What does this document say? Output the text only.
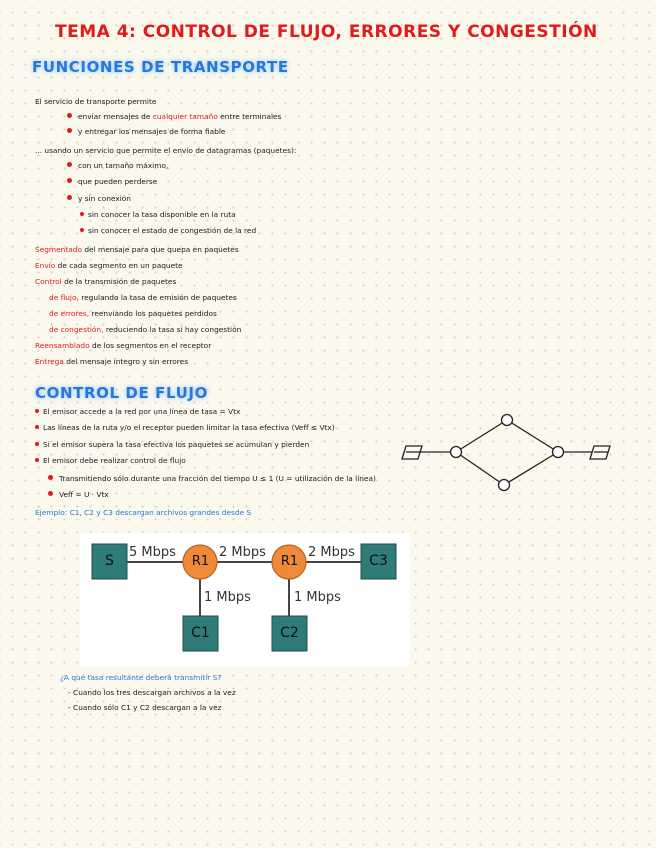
TEMA 4: CONTROL DE FLUJO, ERRORES Y CONGESTIÓN
FUNCIONES DE TRANSPORTE
El servicio de transporte permite
enviar mensajes de cualquier tamaño entre terminales
y entregar los mensajes de forma fiable
... usando un servicio que permite el envío de datagramas (paquetes):
con un tamaño máximo,
que pueden perderse
y sin conexión
sin conocer la tasa disponible en la ruta
sin conocer el estado de congestión de la red
Segmentado del mensaje para que quepa en paquetes
Envío de cada segmento en un paquete
Control de la transmisión de paquetes
de flujo, regulando la tasa de emisión de paquetes
de errores, reenviando los paquetes perdidos
de congestión, reduciendo la tasa si hay congestión
Reensamblado de los segmentos en el receptor
Entrega del mensaje íntegro y sin errores
CONTROL DE FLUJO
El emisor accede a la red por una línea de tasa = Vtx
Las líneas de la ruta y/o el receptor pueden limitar la tasa efectiva (Veff ≤ Vtx)
Si el emisor supera la tasa efectiva los paquetes se acumulan y pierden
El emisor debe realizar control de flujo
Transmitiendo sólo durante una fracción del tiempo U ≤ 1 (U = utilización de la línea)
Veff = U · Vtx
Ejemplo: C1, C2 y C3 descargan archivos grandes desde S
S	R1	R1	C3
C1	C2
5 Mbps	2 Mbps	2 Mbps
1 Mbps	1 Mbps
¿A qué tasa resultante deberá transmitir S?
- Cuando los tres descargan archivos a la vez
- Cuando sólo C1 y C2 descargan a la vez
